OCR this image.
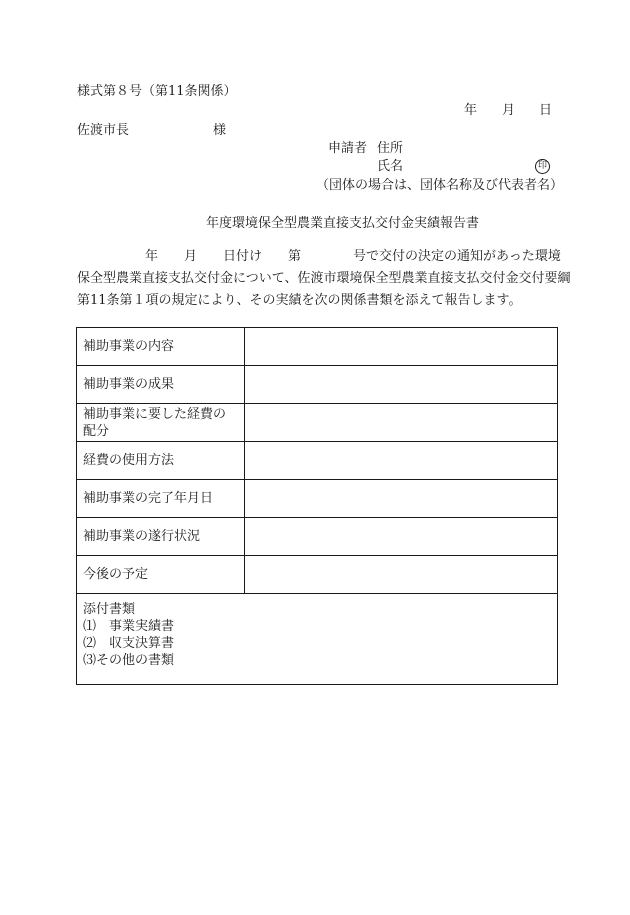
様式第８号（第11条関係）
年 月 日
佐渡市長	様
申請者 住所
氏名	印
（団体の場合は、団体名称及び代表者名）
年度環境保全型農業直接支払交付金実績報告書
年　　月　　日付け　　第　　　　号で交付の決定の通知があった環境
保全型農業直接支払交付金について、佐渡市環境保全型農業直接支払交付金交付要綱
第11条第１項の規定により、その実績を次の関係書類を添えて報告します。
補助事業の内容	
補助事業の成果	
補助事業に要した経費の配分	
経費の使用方法	
補助事業の完了年月日	
補助事業の遂行状況	
今後の予定	

添付書類
⑴　事業実績書
⑵　収支決算書
⑶その他の書類	
